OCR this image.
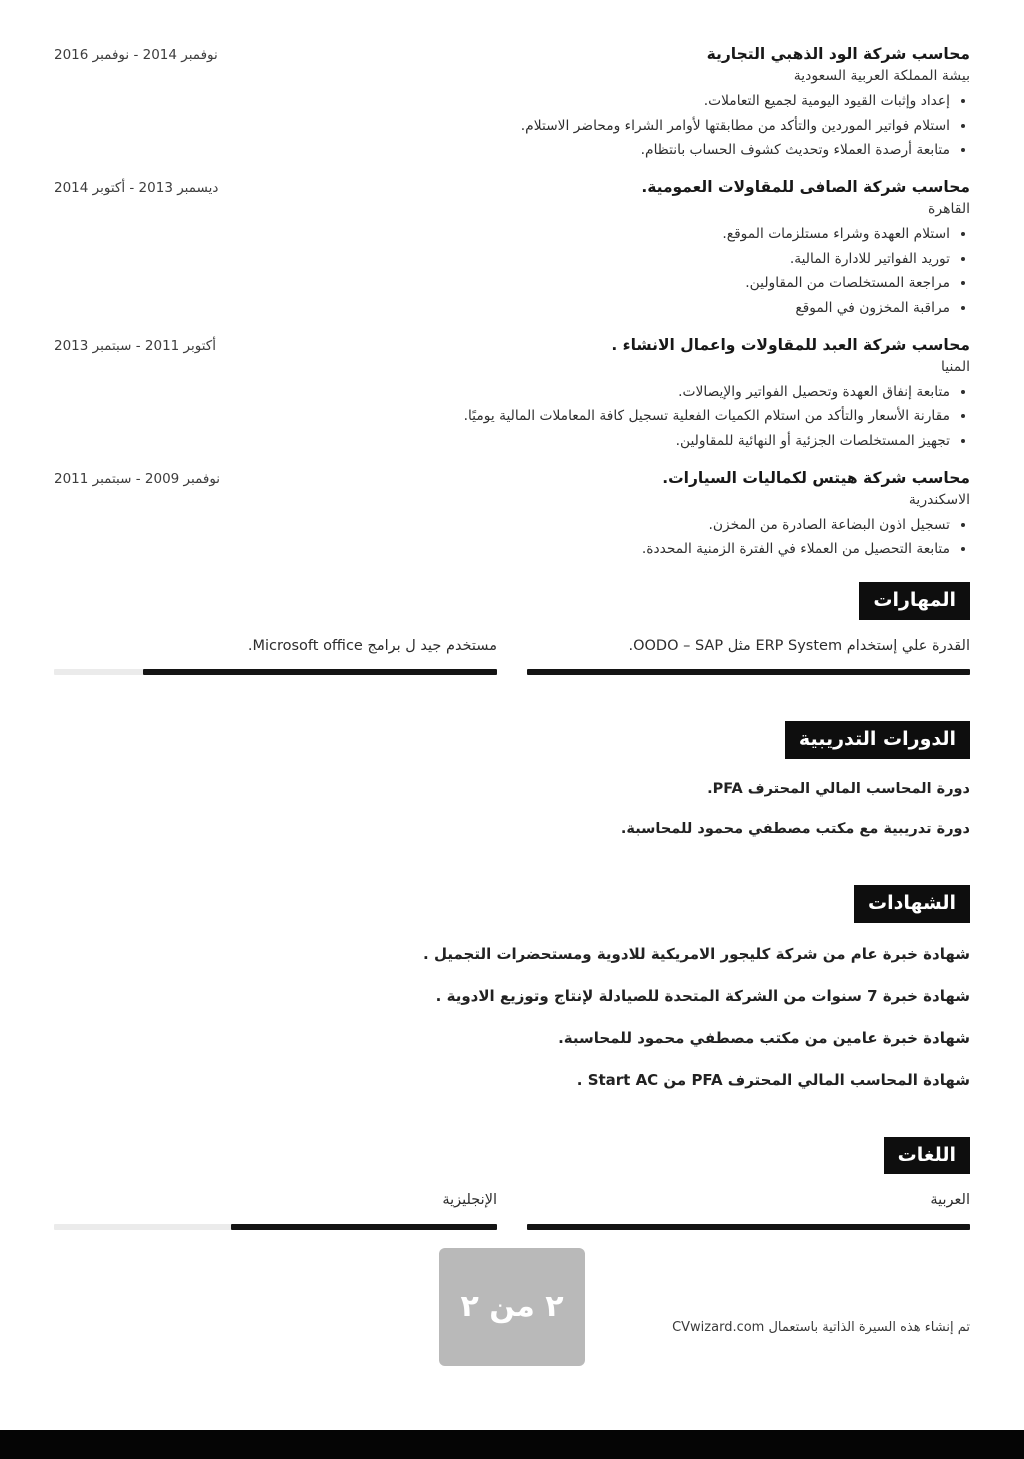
محاسب شركة الود الذهبي التجارية
نوفمبر 2014 - نوفمبر 2016
بيشة المملكة العربية السعودية
• إعداد وإثبات القيود اليومية لجميع التعاملات.
• استلام فواتير الموردين والتأكد من مطابقتها لأوامر الشراء ومحاضر الاستلام.
• متابعة أرصدة العملاء وتحديث كشوف الحساب بانتظام.
محاسب شركة الصافى للمقاولات العمومية.
ديسمبر 2013 - أكتوبر 2014
القاهرة
• استلام العهدة وشراء مستلزمات الموقع.
• توريد الفواتير للادارة المالية.
• مراجعة المستخلصات من المقاولين.
• مراقبة المخزون في الموقع
محاسب شركة العبد للمقاولات واعمال الانشاء .
أكتوبر 2011 - سبتمبر 2013
المنيا
• متابعة إنفاق العهدة وتحصيل الفواتير والإيصالات.
• مقارنة الأسعار والتأكد من استلام الكميات الفعلية تسجيل كافة المعاملات المالية يوميًا.
• تجهيز المستخلصات الجزئية أو النهائية للمقاولين.
محاسب شركة هيتس لكماليات السيارات.
نوفمبر 2009 - سبتمبر 2011
الاسكندرية
• تسجيل اذون البضاعة الصادرة من المخزن.
• متابعة التحصيل من العملاء في الفترة الزمنية المحددة.
المهارات
القدرة علي إستخدام ERP System مثل OODO – SAP.
مستخدم جيد ل برامج Microsoft office.
الدورات التدريبية

دورة المحاسب المالي المحترف PFA.

دورة تدريبية مع مكتب مصطفي محمود للمحاسبة.

الشهادات

شهادة خبرة عام من شركة كليجور الامريكية للادوية ومستحضرات التجميل .

شهادة خبرة 7 سنوات من الشركة المتحدة للصيادلة لإنتاج وتوزيع الادوية .

شهادة خبرة عامين من مكتب مصطفي محمود للمحاسبة.

شهادة المحاسب المالي المحترف PFA من Start AC .

اللغات
العربية
الإنجليزية
٢ من ٢
تم إنشاء هذه السيرة الذاتية باستعمال CVwizard.com
